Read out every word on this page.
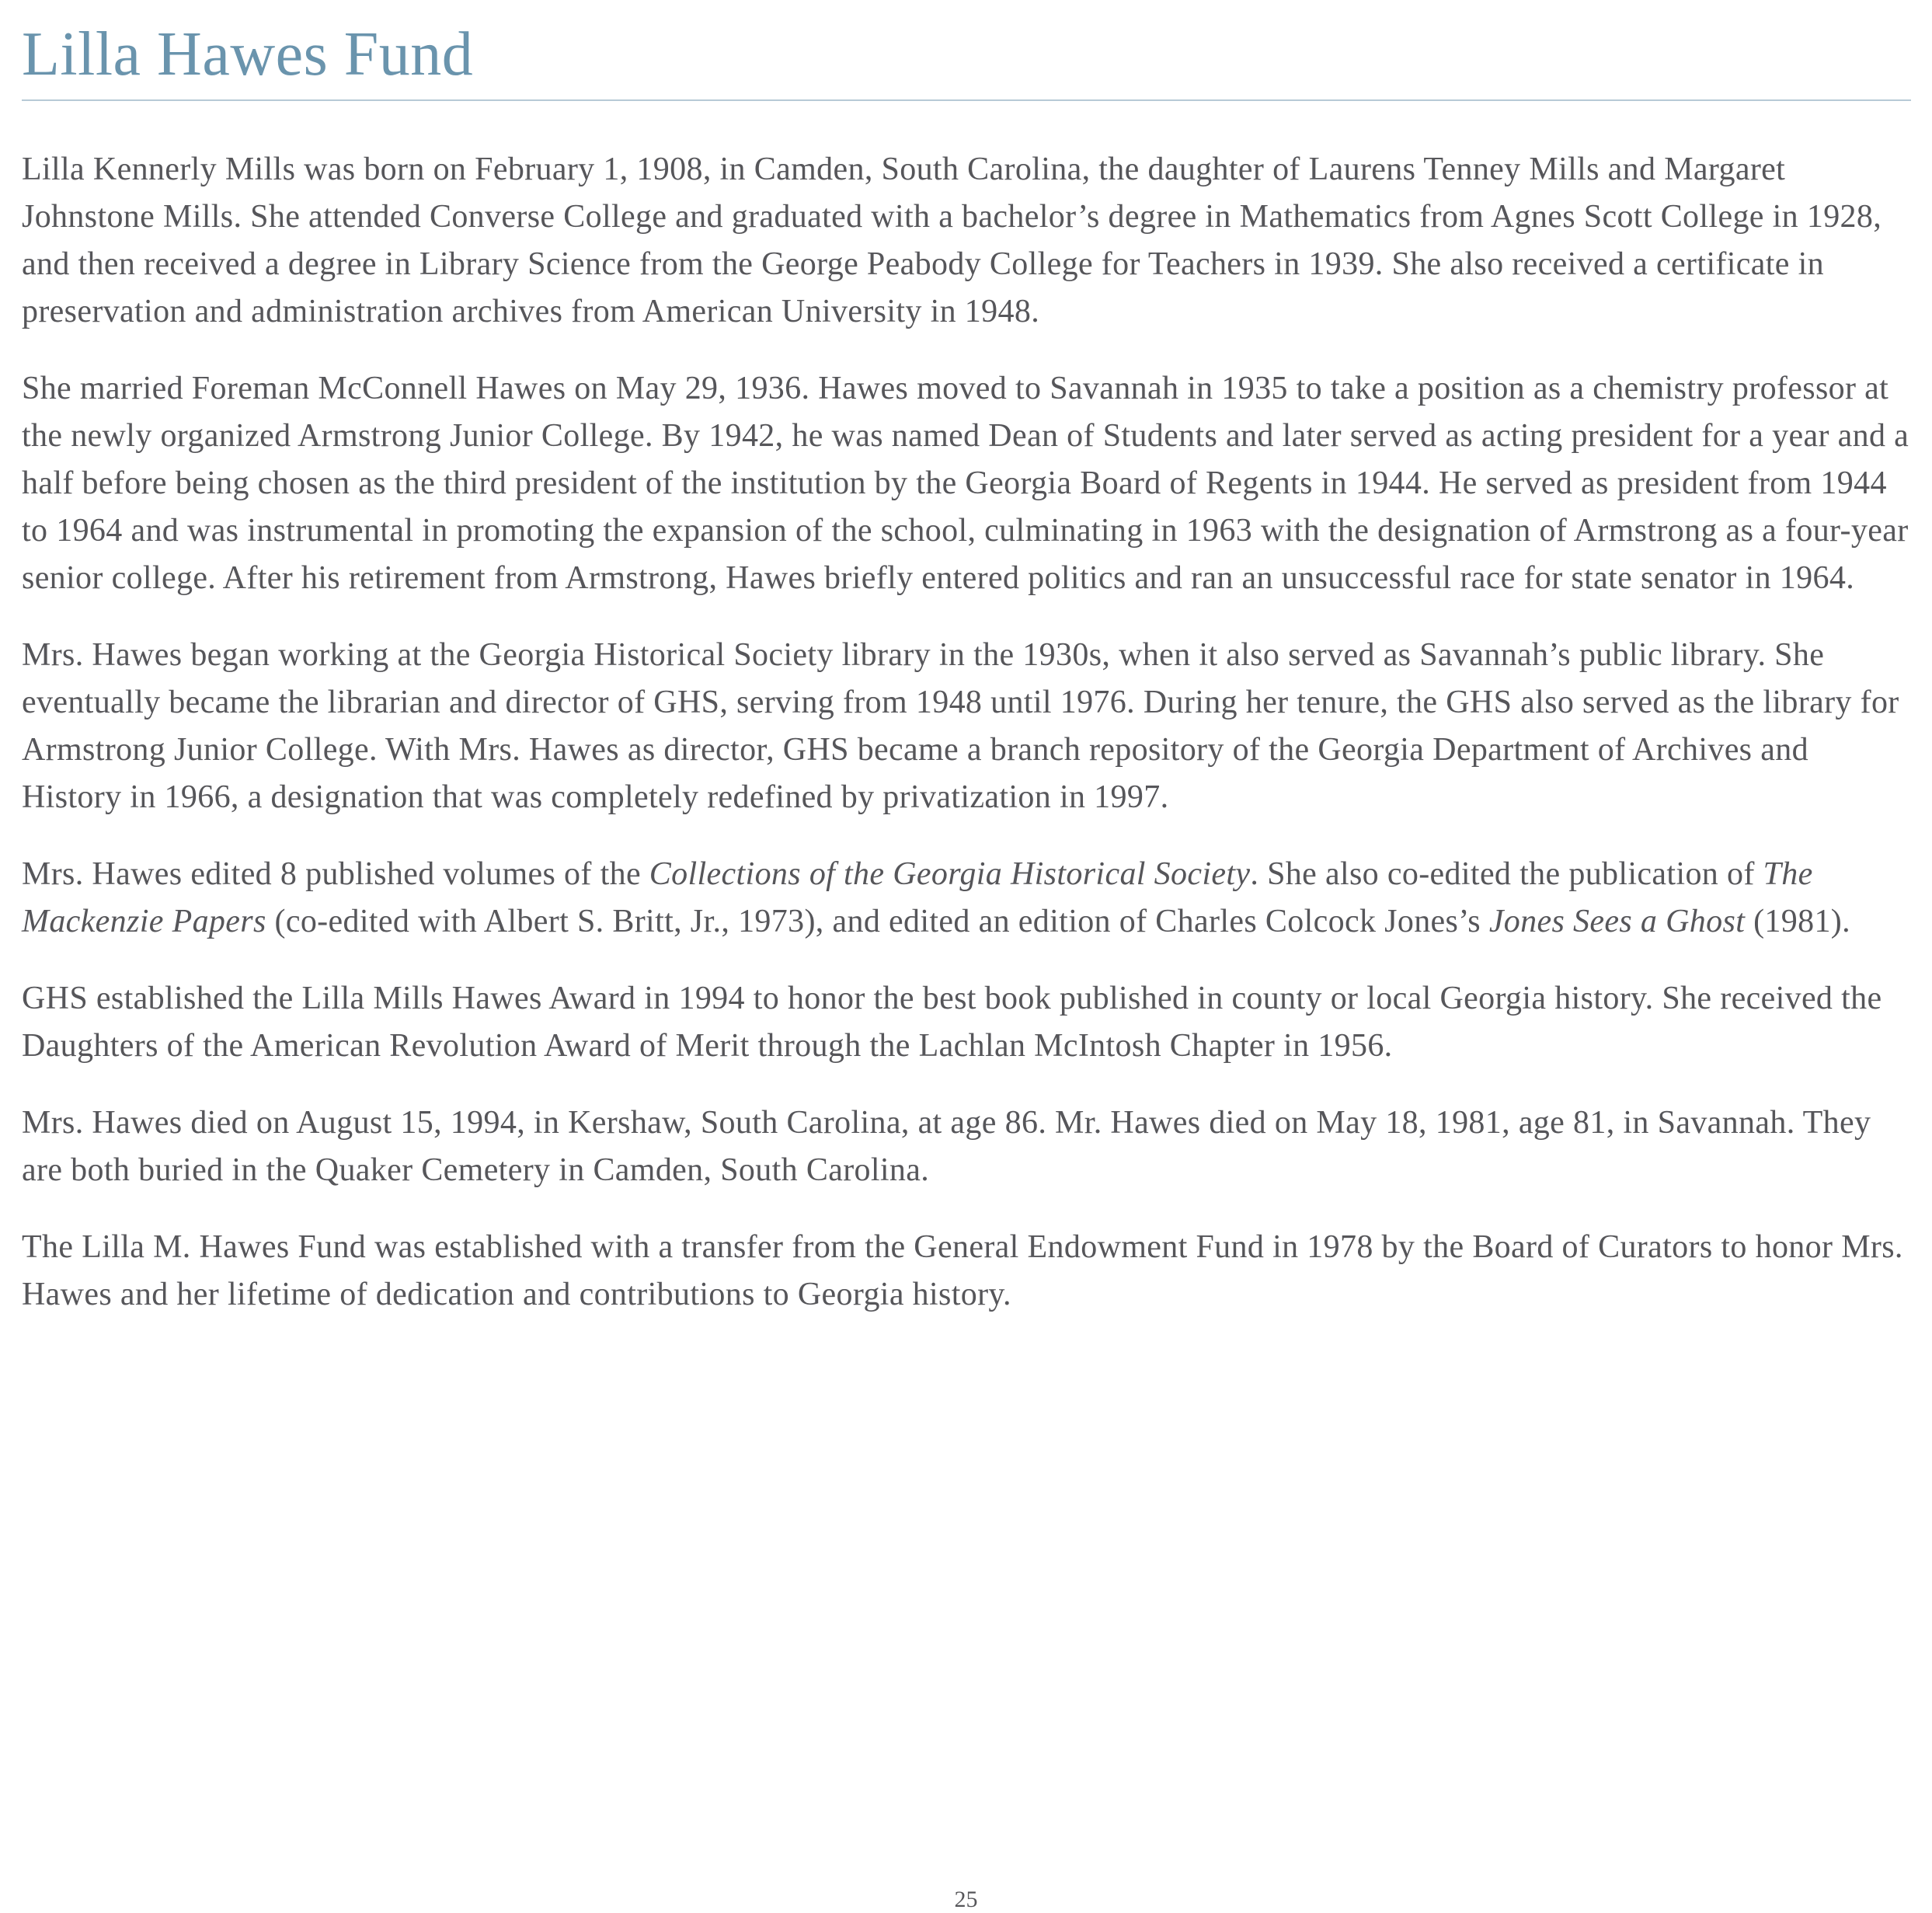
Lilla Hawes Fund

Lilla Kennerly Mills was born on February 1, 1908, in Camden, South Carolina, the daughter of Laurens Tenney Mills and Margaret Johnstone Mills. She attended Converse College and graduated with a bachelor’s degree in Mathematics from Agnes Scott College in 1928, and then received a degree in Library Science from the George Peabody College for Teachers in 1939. She also received a certificate in preservation and administration archives from American University in 1948.

She married Foreman McConnell Hawes on May 29, 1936. Hawes moved to Savannah in 1935 to take a position as a chemistry professor at the newly organized Armstrong Junior College. By 1942, he was named Dean of Students and later served as acting president for a year and a half before being chosen as the third president of the institution by the Georgia Board of Regents in 1944. He served as president from 1944 to 1964 and was instrumental in promoting the expansion of the school, culminating in 1963 with the designation of Armstrong as a four-year senior college. After his retirement from Armstrong, Hawes briefly entered politics and ran an unsuccessful race for state senator in 1964.

Mrs. Hawes began working at the Georgia Historical Society library in the 1930s, when it also served as Savannah’s public library. She eventually became the librarian and director of GHS, serving from 1948 until 1976. During her tenure, the GHS also served as the library for Armstrong Junior College. With Mrs. Hawes as director, GHS became a branch repository of the Georgia Department of Archives and History in 1966, a designation that was completely redefined by privatization in 1997.

Mrs. Hawes edited 8 published volumes of the Collections of the Georgia Historical Society. She also co-edited the publication of The Mackenzie Papers (co-edited with Albert S. Britt, Jr., 1973), and edited an edition of Charles Colcock Jones’s Jones Sees a Ghost (1981).

GHS established the Lilla Mills Hawes Award in 1994 to honor the best book published in county or local Georgia history. She received the Daughters of the American Revolution Award of Merit through the Lachlan McIntosh Chapter in 1956.

Mrs. Hawes died on August 15, 1994, in Kershaw, South Carolina, at age 86. Mr. Hawes died on May 18, 1981, age 81, in Savannah. They are both buried in the Quaker Cemetery in Camden, South Carolina.

The Lilla M. Hawes Fund was established with a transfer from the General Endowment Fund in 1978 by the Board of Curators to honor Mrs. Hawes and her lifetime of dedication and contributions to Georgia history.

25
